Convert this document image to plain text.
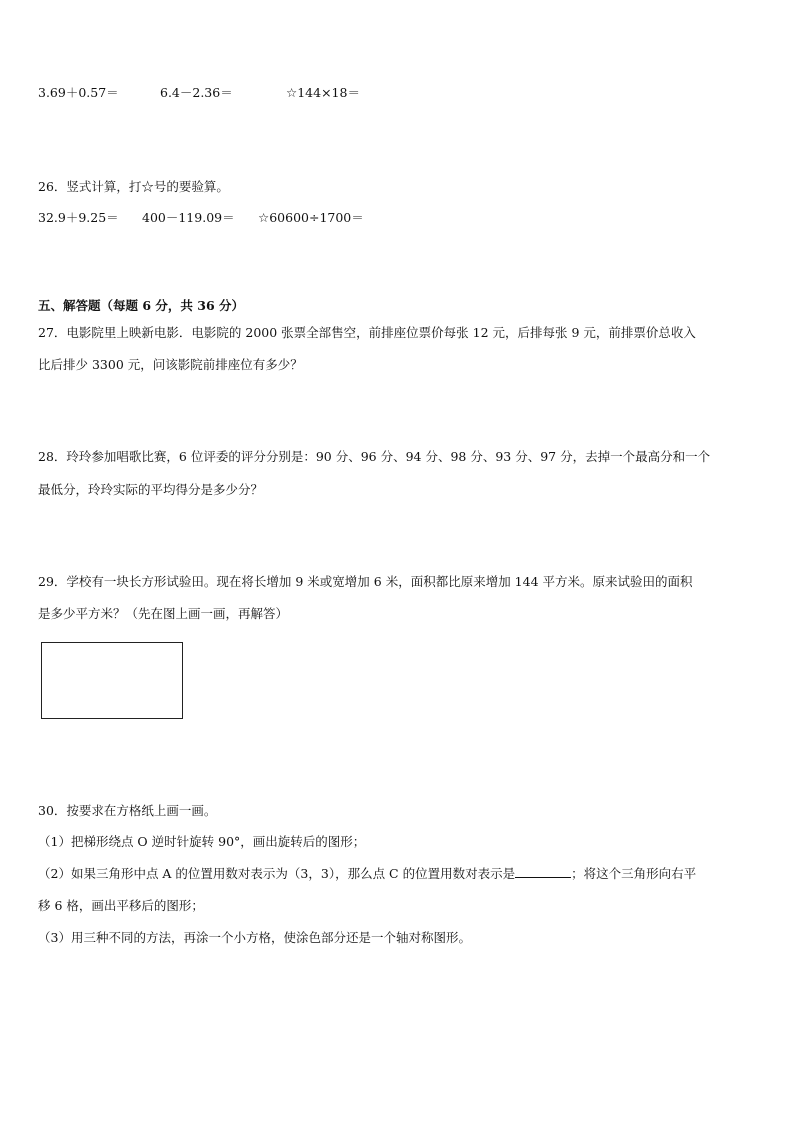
3.69＋0.57＝	6.4－2.36＝	☆144×18＝
26．竖式计算，打☆号的要验算。
32.9＋9.25＝ 400－119.09＝ ☆60600÷1700＝
五、解答题（每题 6 分，共 36 分）
27．电影院里上映新电影．电影院的 2000 张票全部售空，前排座位票价每张 12 元，后排每张 9 元，前排票价总收入
比后排少 3300 元，问该影院前排座位有多少？
28．玲玲参加唱歌比赛，6 位评委的评分分别是：90 分、96 分、94 分、98 分、93 分、97 分，去掉一个最高分和一个
最低分，玲玲实际的平均得分是多少分？
29．学校有一块长方形试验田。现在将长增加 9 米或宽增加 6 米，面积都比原来增加 144 平方米。原来试验田的面积
是多少平方米？（先在图上画一画，再解答）
30．按要求在方格纸上画一画。
（1）把梯形绕点 O 逆时针旋转 90°，画出旋转后的图形；
（2）如果三角形中点 A 的位置用数对表示为（3，3），那么点 C 的位置用数对表示是	；将这个三角形向右平
移 6 格，画出平移后的图形；
（3）用三种不同的方法，再涂一个小方格，使涂色部分还是一个轴对称图形。
